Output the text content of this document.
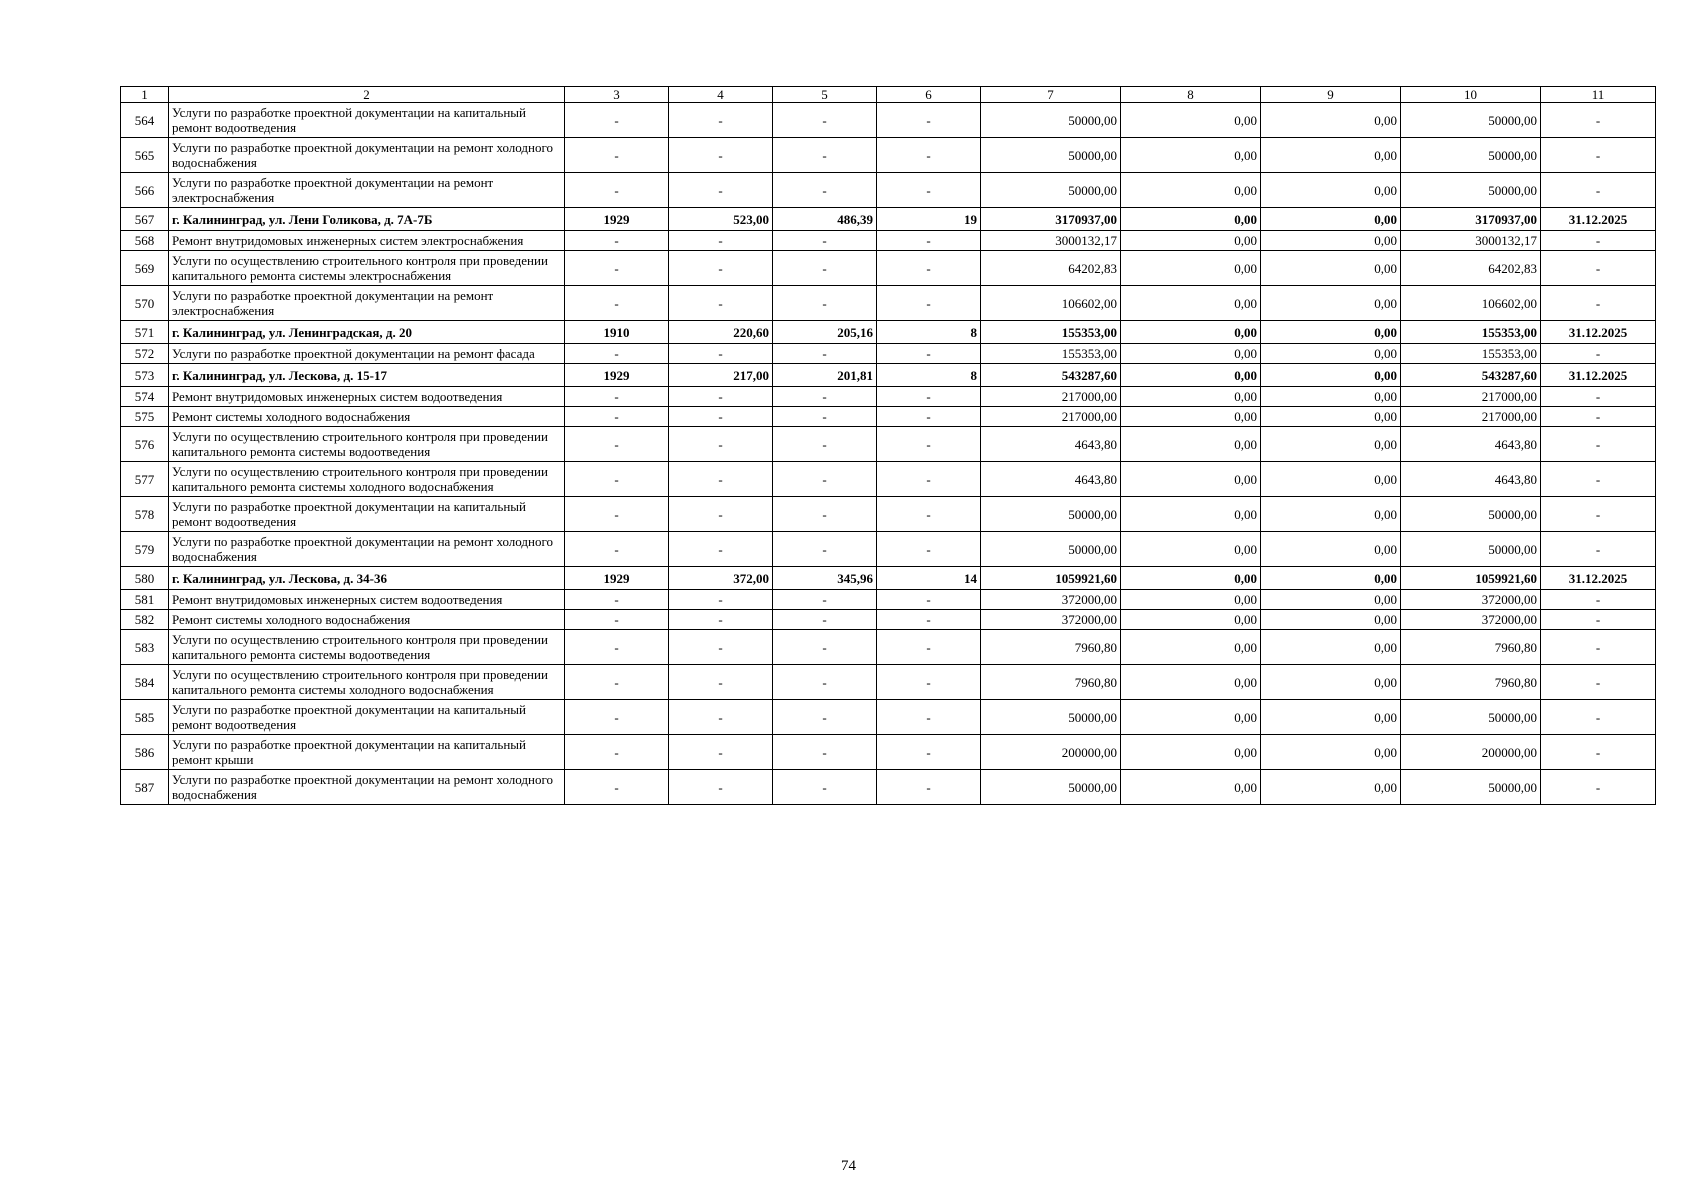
1	2	3	4	5	6	7	8	9	10	11
564	Услуги по разработке проектной документации на капитальный ремонт водоотведения	-	-	-	-	50000,00	0,00	0,00	50000,00	-
565	Услуги по разработке проектной документации на ремонт холодного водоснабжения	-	-	-	-	50000,00	0,00	0,00	50000,00	-
566	Услуги по разработке проектной документации на ремонт электроснабжения	-	-	-	-	50000,00	0,00	0,00	50000,00	-
567	г. Калининград, ул. Лени Голикова, д. 7А-7Б	1929	523,00	486,39	19	3170937,00	0,00	0,00	3170937,00	31.12.2025
568	Ремонт внутридомовых инженерных систем электроснабжения	-	-	-	-	3000132,17	0,00	0,00	3000132,17	-
569	Услуги по осуществлению строительного контроля при проведении капитального ремонта системы электроснабжения	-	-	-	-	64202,83	0,00	0,00	64202,83	-
570	Услуги по разработке проектной документации на ремонт электроснабжения	-	-	-	-	106602,00	0,00	0,00	106602,00	-
571	г. Калининград, ул. Ленинградская, д. 20	1910	220,60	205,16	8	155353,00	0,00	0,00	155353,00	31.12.2025
572	Услуги по разработке проектной документации на ремонт фасада	-	-	-	-	155353,00	0,00	0,00	155353,00	-
573	г. Калининград, ул. Лескова, д. 15-17	1929	217,00	201,81	8	543287,60	0,00	0,00	543287,60	31.12.2025
574	Ремонт внутридомовых инженерных систем водоотведения	-	-	-	-	217000,00	0,00	0,00	217000,00	-
575	Ремонт системы холодного водоснабжения	-	-	-	-	217000,00	0,00	0,00	217000,00	-
576	Услуги по осуществлению строительного контроля при проведении капитального ремонта системы водоотведения	-	-	-	-	4643,80	0,00	0,00	4643,80	-
577	Услуги по осуществлению строительного контроля при проведении капитального ремонта системы холодного водоснабжения	-	-	-	-	4643,80	0,00	0,00	4643,80	-
578	Услуги по разработке проектной документации на капитальный ремонт водоотведения	-	-	-	-	50000,00	0,00	0,00	50000,00	-
579	Услуги по разработке проектной документации на ремонт холодного водоснабжения	-	-	-	-	50000,00	0,00	0,00	50000,00	-
580	г. Калининград, ул. Лескова, д. 34-36	1929	372,00	345,96	14	1059921,60	0,00	0,00	1059921,60	31.12.2025
581	Ремонт внутридомовых инженерных систем водоотведения	-	-	-	-	372000,00	0,00	0,00	372000,00	-
582	Ремонт системы холодного водоснабжения	-	-	-	-	372000,00	0,00	0,00	372000,00	-
583	Услуги по осуществлению строительного контроля при проведении капитального ремонта системы водоотведения	-	-	-	-	7960,80	0,00	0,00	7960,80	-
584	Услуги по осуществлению строительного контроля при проведении капитального ремонта системы холодного водоснабжения	-	-	-	-	7960,80	0,00	0,00	7960,80	-
585	Услуги по разработке проектной документации на капитальный ремонт водоотведения	-	-	-	-	50000,00	0,00	0,00	50000,00	-
586	Услуги по разработке проектной документации на капитальный ремонт крыши	-	-	-	-	200000,00	0,00	0,00	200000,00	-
587	Услуги по разработке проектной документации на ремонт холодного водоснабжения	-	-	-	-	50000,00	0,00	0,00	50000,00	-
74
